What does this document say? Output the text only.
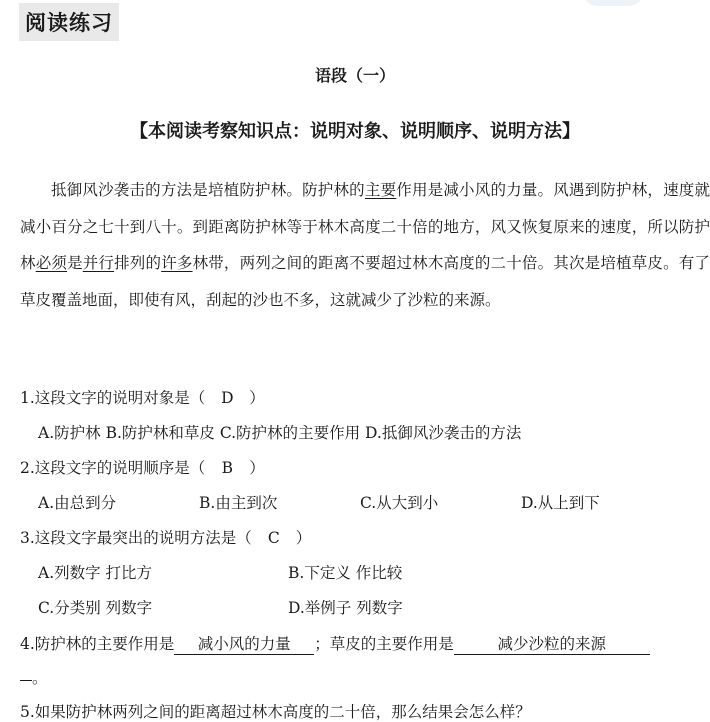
阅读练习
语段（一）
【本阅读考察知识点：说明对象、说明顺序、说明方法】
抵御风沙袭击的方法是培植防护林。防护林的主要作用是减小风的力量。风遇到防护林，速度就减小百分之七十到八十。到距离防护林等于林木高度二十倍的地方，风又恢复原来的速度，所以防护林必须是并行排列的许多林带，两列之间的距离不要超过林木高度的二十倍。其次是培植草皮。有了草皮覆盖地面，即使有风，刮起的沙也不多，这就减少了沙粒的来源。
1.这段文字的说明对象是（ D ）
A.防护林 B.防护林和草皮 C.防护林的主要作用 D.抵御风沙袭击的方法
2.这段文字的说明顺序是（ B ）
A.由总到分	B.由主到次	C.从大到小	D.从上到下
3.这段文字最突出的说明方法是（ C ）
A.列数字 打比方	B.下定义 作比较
C.分类别 列数字	D.举例子 列数字
4.防护林的主要作用是 减小风的力量 ；草皮的主要作用是	减少沙粒的来源
。
5.如果防护林两列之间的距离超过林木高度的二十倍，那么结果会怎么样？
